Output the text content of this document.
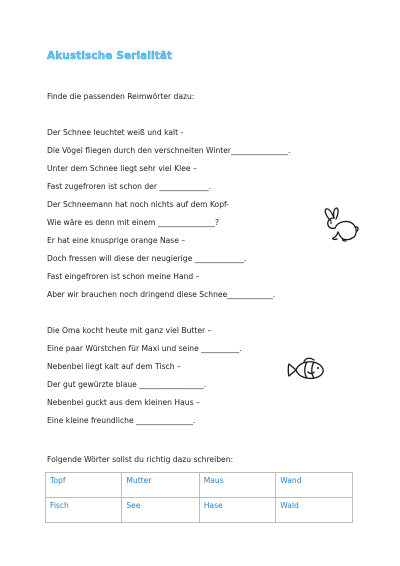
Akustische Serialität
Finde die passenden Reimwörter dazu:
Der Schnee leuchtet weiß und kalt -
Die Vögel fliegen durch den verschneiten Winter_______________.
Unter dem Schnee liegt sehr viel Klee –
Fast zugefroren ist schon der _____________.
Der Schneemann hat noch nichts auf dem Kopf-
Wie wäre es denn mit einem _______________?
Er hat eine knusprige orange Nase –
Doch fressen will diese der neugierige _____________.
Fast eingefroren ist schon meine Hand –
Aber wir brauchen noch dringend diese Schnee____________.
Die Oma kocht heute mit ganz viel Butter –
Eine paar Würstchen für Maxi und seine __________.
Nebenbei liegt kalt auf dem Tisch –
Der gut gewürzte blaue _________________.
Nebenbei guckt aus dem kleinen Haus –
Eine kleine freundliche _______________.
Folgende Wörter sollst du richtig dazu schreiben:
Topf	Mutter	Maus	Wand
Fisch	See	Hase	Wald
